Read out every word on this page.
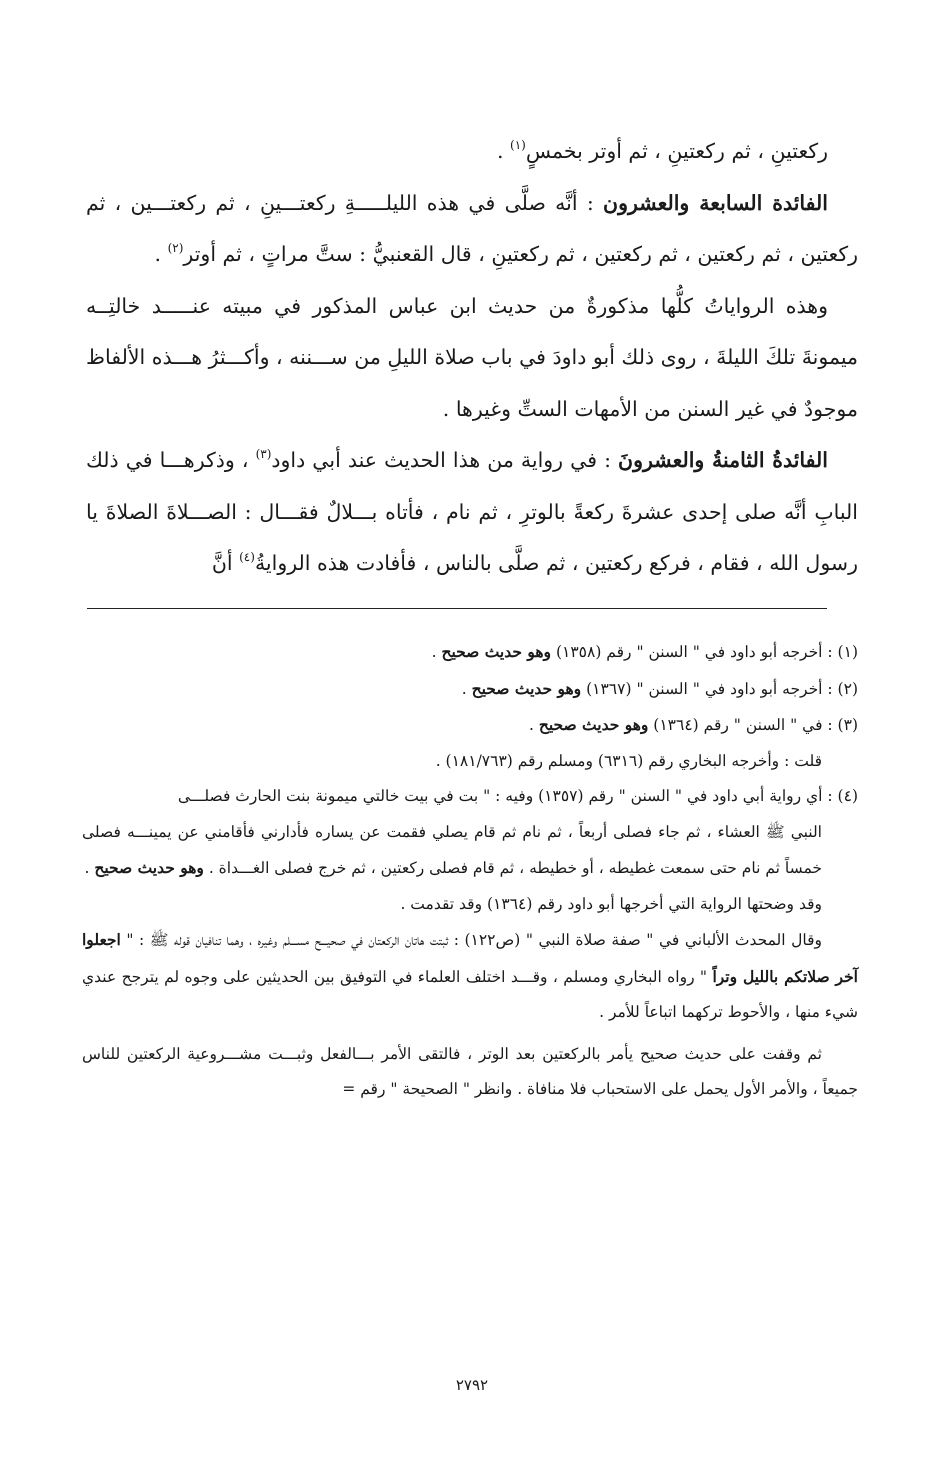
ركعتينِ ، ثم ركعتينِ ، ثم أوتر بخمسٍ$^{(١)}$ .

الفائدة السابعة والعشرون : أنَّه صلَّى في هذه الليلـــــةِ ركعتـــينِ ، ثم ركعتـــين ، ثم ركعتين ، ثم ركعتين ، ثم ركعتين ، ثم ركعتينِ ، قال القعنبيُّ : ستَّ مراتٍ ، ثم أوتر$^{(٢)}$ .

وهذه الرواياتُ كلُّها مذكورةٌ من حديث ابن عباس المذكور في مبيته عنـــــد خالتِــه ميمونةَ تلكَ الليلةَ ، روى ذلك أبو داودَ في باب صلاة الليلِ من ســـننه ، وأكـــثرُ هـــذه الألفاظ موجودٌ في غير السنن من الأمهات الستِّ وغيرها .

الفائدةُ الثامنةُ والعشرونَ : في رواية من هذا الحديث عند أبي داود$^{(٣)}$ ، وذكرهـــا في ذلك البابِ أنَّه صلى إحدى عشرةَ ركعةً بالوترِ ، ثم نام ، فأتاه بـــلالٌ فقـــال : الصـــلاةَ الصلاةَ يا رسول الله ، فقام ، فركع ركعتين ، ثم صلَّى بالناس ، فأفادت هذه الروايةُ$^{(٤)}$ أنَّ

(١) : أخرجه أبو داود في " السنن " رقم (١٣٥٨) وهو حديث صحيح .

(٢) : أخرجه أبو داود في " السنن " (١٣٦٧) وهو حديث صحيح .

(٣) : في " السنن " رقم (١٣٦٤) وهو حديث صحيح .

قلت : وأخرجه البخاري رقم (٦٣١٦) ومسلم رقم (١٨١/٧٦٣) .

(٤) : أي رواية أبي داود في " السنن " رقم (١٣٥٧) وفيه : " بت في بيت خالتي ميمونة بنت الحارث فصلـــى

النبي ﷺ العشاء ، ثم جاء فصلى أربعاً ، ثم نام ثم قام يصلي فقمت عن يساره فأدارني فأقامني عن يمينـــه فصلى خمساً ثم نام حتى سمعت غطيطه ، أو خطيطه ، ثم قام فصلى ركعتين ، ثم خرج فصلى الغـــداة . وهو حديث صحيح .

وقد وضحتها الرواية التي أخرجها أبو داود رقم (١٣٦٤) وقد تقدمت .

وقال المحدث الألباني في " صفة صلاة النبي " (ص١٢٢) : ثبتت هاتان الركعتان في صحيـــح مســـلم وغيره ، وهما تنافيان قوله ﷺ : " اجعلوا آخر صلاتكم بالليل وتراً " رواه البخاري ومسلم ، وقـــد اختلف العلماء في التوفيق بين الحديثين على وجوه لم يترجح عندي شيء منها ، والأحوط تركهما اتباعاً للأمر .

ثم وقفت على حديث صحيح يأمر بالركعتين بعد الوتر ، فالتقى الأمر بـــالفعل وثبـــت مشـــروعية الركعتين للناس جميعاً ، والأمر الأول يحمل على الاستحباب فلا منافاة . وانظر " الصحيحة " رقم =

٢٧٩٢
